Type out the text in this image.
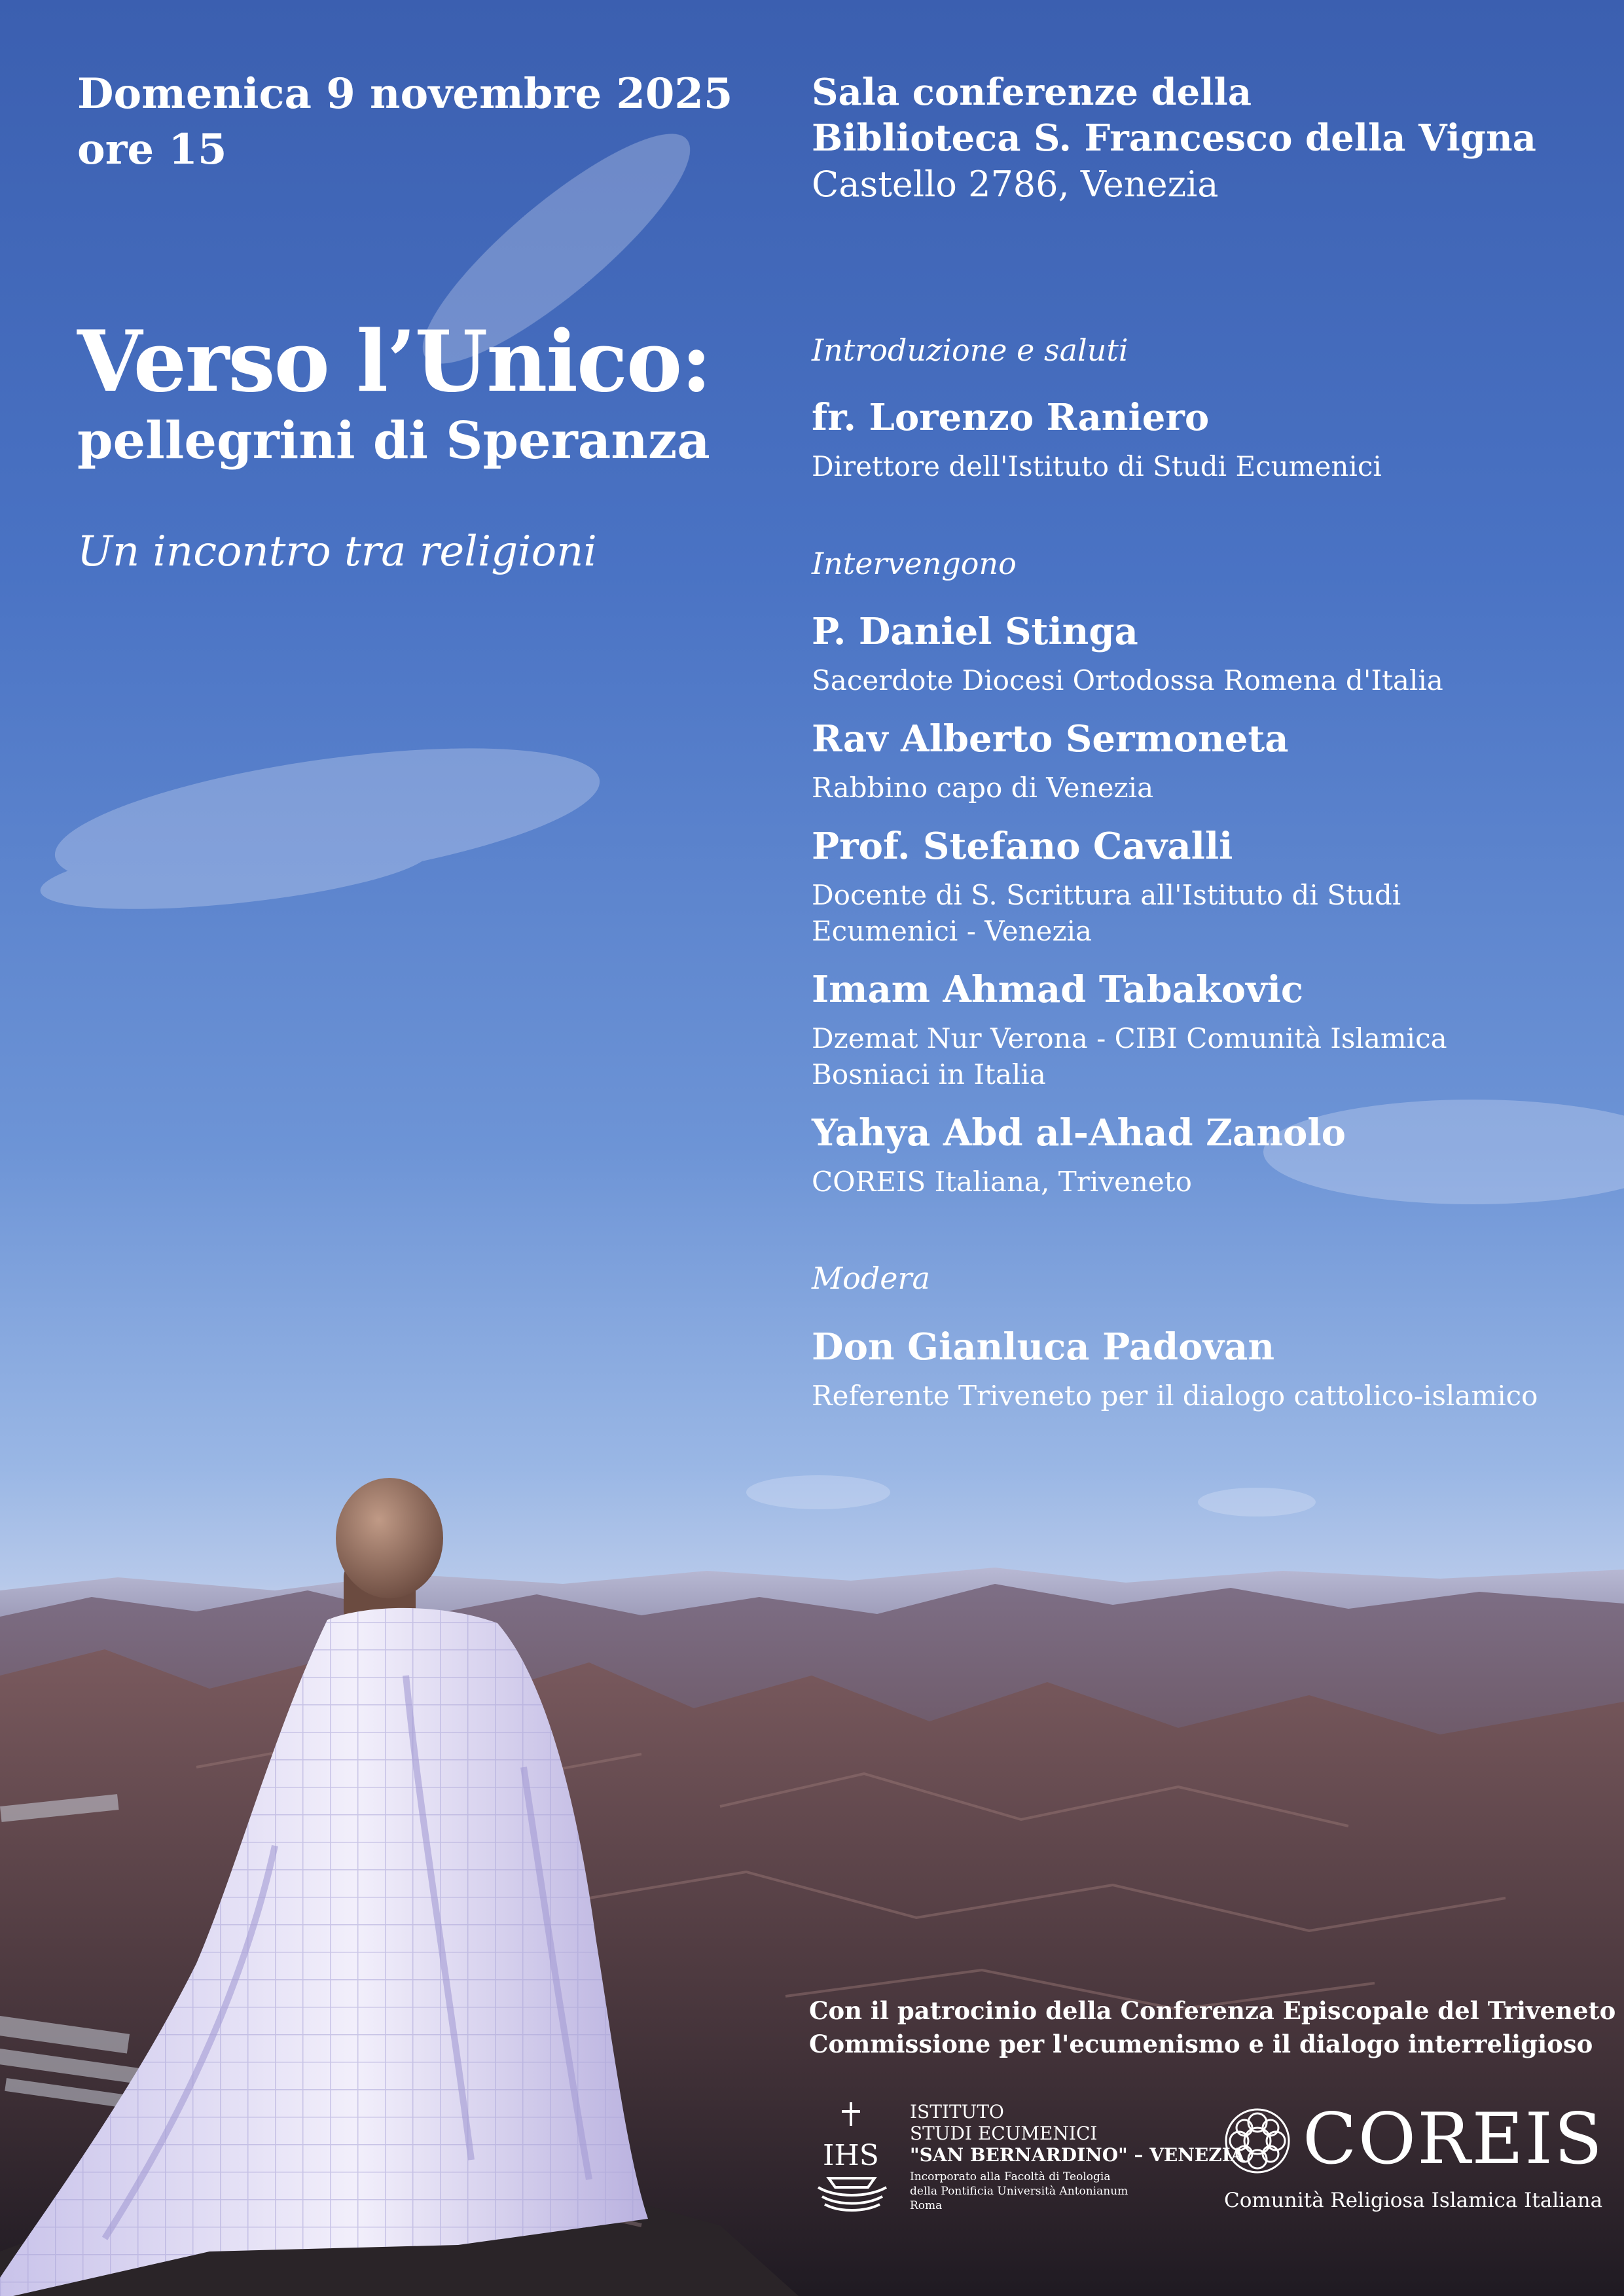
Domenica 9 novembre 2025

ore 15

Sala conferenze della

Biblioteca S. Francesco della Vigna

Castello 2786, Venezia

Verso l’Unico:
pellegrini di Speranza

Un incontro tra religioni

Introduzione e saluti

fr. Lorenzo Raniero

Direttore dell'Istituto di Studi Ecumenici

Intervengono

P. Daniel Stinga

Sacerdote Diocesi Ortodossa Romena d'Italia

Rav Alberto Sermoneta

Rabbino capo di Venezia

Prof. Stefano Cavalli

Docente di S. Scrittura all'Istituto di Studi

Ecumenici - Venezia

Imam Ahmad Tabakovic

Dzemat Nur Verona - CIBI Comunità Islamica

Bosniaci in Italia

Yahya Abd al-Ahad Zanolo

COREIS Italiana, Triveneto

Modera

Don Gianluca Padovan

Referente Triveneto per il dialogo cattolico-islamico

Con il patrocinio della Conferenza Episcopale del Triveneto

Commissione per l'ecumenismo e il dialogo interreligioso

IHS

ISTITUTO

STUDI ECUMENICI

"SAN BERNARDINO" – VENEZIA

Incorporato alla Facoltà di Teologia

della Pontificia Università Antonianum

Roma

COREIS

Comunità Religiosa Islamica Italiana
